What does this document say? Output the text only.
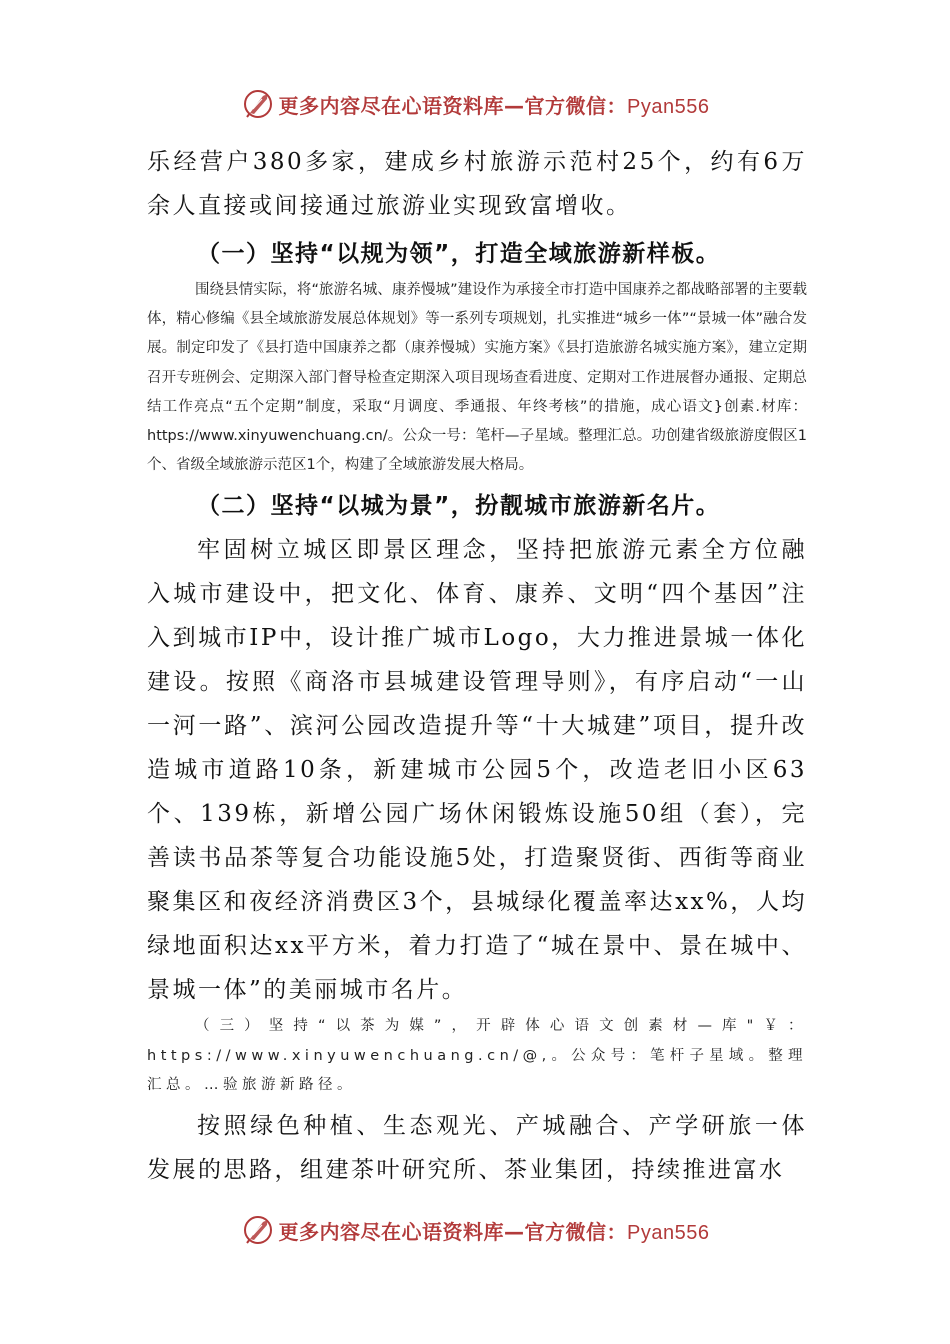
更多内容尽在心语资料库—官方微信：Pyan556

乐经营户380多家，建成乡村旅游示范村25个，约有6万余人直接或间接通过旅游业实现致富增收。

（一）坚持“以规为领”，打造全域旅游新样板。

围绕县情实际，将“旅游名城、康养慢城”建设作为承接全市打造中国康养之都战略部署的主要载体，精心修编《县全域旅游发展总体规划》等一系列专项规划，扎实推进“城乡一体”“景城一体”融合发展。制定印发了《县打造中国康养之都（康养慢城）实施方案》《县打造旅游名城实施方案》，建立定期召开专班例会、定期深入部门督导检查定期深入项目现场查看进度、定期对工作进展督办通报、定期总结工作亮点“五个定期”制度，采取“月调度、季通报、年终考核”的措施，成心语文}创素.材库：https://www.xinyuwenchuang.cn/。公众一号：笔杆—子星域。整理汇总。功创建省级旅游度假区1个、省级全域旅游示范区1个，构建了全域旅游发展大格局。

（二）坚持“以城为景”，扮靓城市旅游新名片。

牢固树立城区即景区理念，坚持把旅游元素全方位融入城市建设中，把文化、体育、康养、文明“四个基因”注入到城市IP中，设计推广城市Logo，大力推进景城一体化建设。按照《商洛市县城建设管理导则》，有序启动“一山一河一路”、滨河公园改造提升等“十大城建”项目，提升改造城市道路10条，新建城市公园5个，改造老旧小区63个、139栋，新增公园广场休闲锻炼设施50组（套），完善读书品茶等复合功能设施5处，打造聚贤街、西街等商业聚集区和夜经济消费区3个，县城绿化覆盖率达xx%，人均绿地面积达xx平方米，着力打造了“城在景中、景在城中、景城一体”的美丽城市名片。

（三）坚持“以茶为媒”，开辟体心语文创素材—库"￥：https://www.xinyuwenchuang.cn/@,。公众号：笔杆子星域。整理汇总。…验旅游新路径。

按照绿色种植、生态观光、产城融合、产学研旅一体发展的思路，组建茶叶研究所、茶业集团，持续推进富水

更多内容尽在心语资料库—官方微信：Pyan556
